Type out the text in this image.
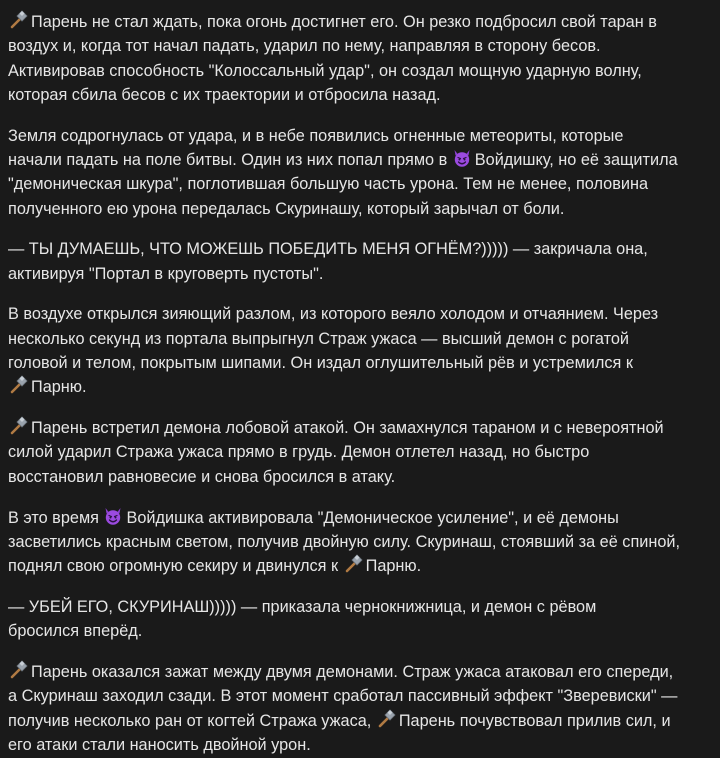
Парень не стал ждать, пока огонь достигнет его. Он резко подбросил свой таран в
воздух и, когда тот начал падать, ударил по нему, направляя в сторону бесов.
Активировав способность "Колоссальный удар", он создал мощную ударную волну,
которая сбила бесов с их траектории и отбросила назад.

Земля содрогнулась от удара, и в небе появились огненные метеориты, которые
начали падать на поле битвы. Один из них попал прямо в
Войдишку, но её защитила
"демоническая шкура", поглотившая большую часть урона. Тем не менее, половина
полученного ею урона передалась Скуринашу, который зарычал от боли.

— ТЫ ДУМАЕШЬ, ЧТО МОЖЕШЬ ПОБЕДИТЬ МЕНЯ ОГНЁМ?))))) — закричала она,
активируя "Портал в круговерть пустоты".

В воздухе открылся зияющий разлом, из которого веяло холодом и отчаянием. Через
несколько секунд из портала выпрыгнул Страж ужаса — высший демон с рогатой
головой и телом, покрытым шипами. Он издал оглушительный рёв и устремился к
Парню.

Парень встретил демона лобовой атакой. Он замахнулся тараном и с невероятной
силой ударил Стража ужаса прямо в грудь. Демон отлетел назад, но быстро
восстановил равновесие и снова бросился в атаку.

В это время
Войдишка активировала "Демоническое усиление", и её демоны
засветились красным светом, получив двойную силу. Скуринаш, стоявший за её спиной,
поднял свою огромную секиру и двинулся к
Парню.

— УБЕЙ ЕГО, СКУРИНАШ))))) — приказала чернокнижница, и демон с рёвом
бросился вперёд.

Парень оказался зажат между двумя демонами. Страж ужаса атаковал его спереди,
а Скуринаш заходил сзади. В этот момент сработал пассивный эффект "Зверевиски" —
получив несколько ран от когтей Стража ужаса,
Парень почувствовал прилив сил, и
его атаки стали наносить двойной урон.
